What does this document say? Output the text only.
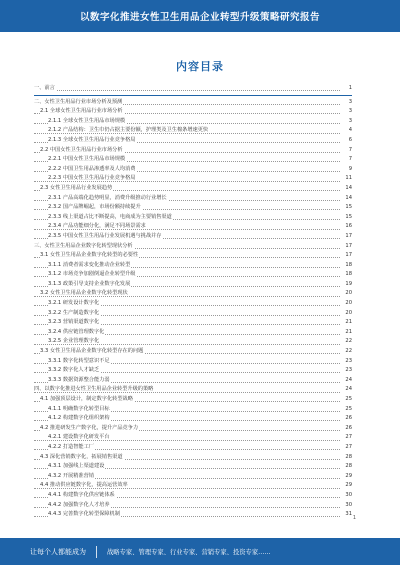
以数字化推进女性卫生用品企业转型升级策略研究报告
内容目录
一、前言	1
二、女性卫生用品行业市场分析及预测	3
2.1 全球女性卫生用品行业市场分析	3
2.1.1 全球女性卫生用品市场规模	3
2.1.2 产品结构：卫生巾仍占据主要份额，护理类及卫生棉条增速更快	4
2.1.3 全球女性卫生用品行业竞争格局	6
2.2 中国女性卫生用品行业市场分析	7
2.2.1 中国女性卫生用品市场规模	7
2.2.2 中国卫生用品渗透率及人均消费	9
2.2.3 中国女性卫生用品行业竞争格局	11
2.3 女性卫生用品行业发展趋势	14
2.3.1 产品高端化趋势明显，消费升级推动行业增长	14
2.3.2 国产品牌崛起，市场份额持续提升	15
2.3.3 线上渠道占比不断提高，电商成为主要销售渠道	15
2.3.4 产品功能细分化，满足不同场景需求	16
2.3.5 中国女性卫生用品行业发展机遇与挑战并存	17
三、女性卫生用品企业数字化转型现状分析	17
3.1 女性卫生用品企业数字化转型的必要性	17
3.1.1 消费者需求变化推动企业转型	18
3.1.2 市场竞争加剧倒逼企业转型升级	18
3.1.3 政策引导支持企业数字化发展	19
3.2 女性卫生用品企业数字化转型现状	20
3.2.1 研发设计数字化	20
3.2.2 生产制造数字化	20
3.2.3 营销渠道数字化	21
3.2.4 供应链管理数字化	21
3.2.5 企业管理数字化	22
3.3 女性卫生用品企业数字化转型存在的问题	22
3.3.1 数字化转型意识不足	23
3.3.2 数字化人才缺乏	23
3.3.3 数据资源整合能力弱	24
四、以数字化推进女性卫生用品企业转型升级的策略	24
4.1 加强顶层设计，制定数字化转型战略	25
4.1.1 明确数字化转型目标	25
4.1.2 构建数字化组织架构	26
4.2 推进研发生产数字化，提升产品竞争力	26
4.2.1 建设数字化研发平台	27
4.2.2 打造智能工厂	27
4.3 深化营销数字化，拓展销售渠道	28
4.3.1 加强线上渠道建设	28
4.3.2 开展精准营销	29
4.4 推动供应链数字化，提高运营效率	29
4.4.1 构建数字化供应链体系	30
4.4.2 加强数字化人才培养	30
4.4.3 完善数字化转型保障机制	31
1
让每个人都能成为	战略专家、管理专家、行业专家、营销专家、投资专家……
